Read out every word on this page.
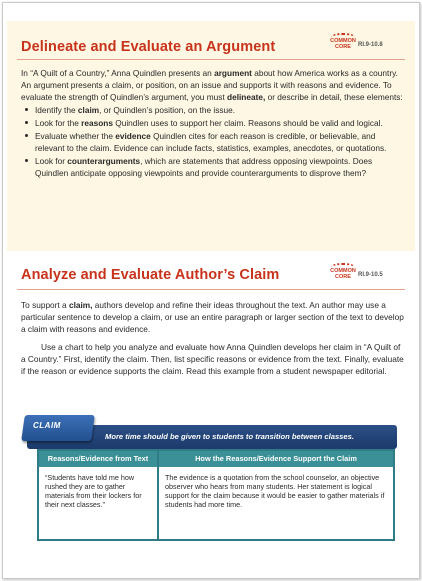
Delineate and Evaluate an Argument	COMMON CORE	RI.9-10.8

In “A Quilt of a Country,” Anna Quindlen presents an argument about how America works as a country. An argument presents a claim, or position, on an issue and supports it with reasons and evidence. To evaluate the strength of Quindlen’s argument, you must delineate, or describe in detail, these elements:

Identify the claim, or Quindlen’s position, on the issue.
Look for the reasons Quindlen uses to support her claim. Reasons should be valid and logical.
Evaluate whether the evidence Quindlen cites for each reason is credible, or believable, and relevant to the claim. Evidence can include facts, statistics, examples, anecdotes, or quotations.
Look for counterarguments, which are statements that address opposing viewpoints. Does Quindlen anticipate opposing viewpoints and provide counterarguments to disprove them?
Analyze and Evaluate Author’s Claim	COMMON CORE	RI.9-10.5

To support a claim, authors develop and refine their ideas throughout the text. An author may use a particular sentence to develop a claim, or use an entire paragraph or larger section of the text to develop a claim with reasons and evidence.

Use a chart to help you analyze and evaluate how Anna Quindlen develops her claim in “A Quilt of a Country.” First, identify the claim. Then, list specific reasons or evidence from the text. Finally, evaluate if the reason or evidence supports the claim. Read this example from a student newspaper editorial.

CLAIM
More time should be given to students to transition between classes.
Reasons/Evidence from Text	How the Reasons/Evidence Support the Claim
“Students have told me how rushed they are to gather materials from their lockers for their next classes.”
The evidence is a quotation from the school counselor, an objective observer who hears from many students. Her statement is logical support for the claim because it would be easier to gather materials if students had more time.
